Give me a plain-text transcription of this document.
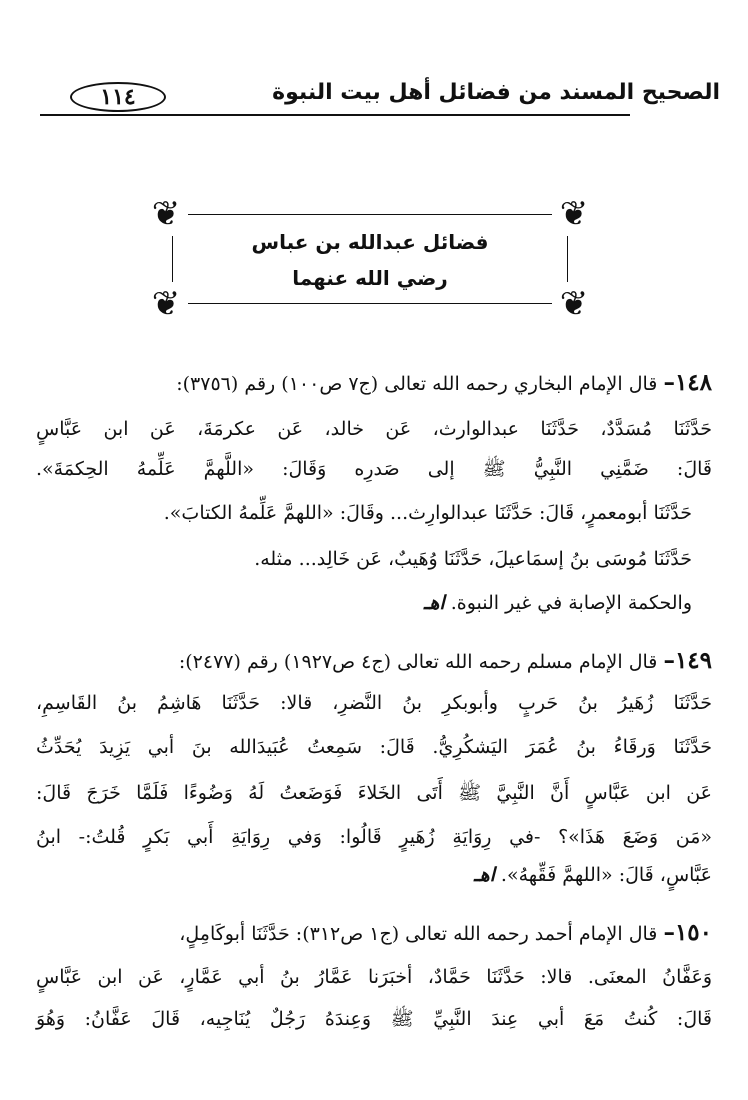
الصحيح المسند من فضائل أهل بيت النبوة
١١٤
❦	❦
❦	❦
فضائل عبدالله بن عباس
رضي الله عنهما
١٤٨– قال الإمام البخاري رحمه الله تعالى (ج٧ ص١٠٠) رقم (٣٧٥٦):
حَدَّثَنَا مُسَدَّدٌ، حَدَّثَنَا عبدالوارث، عَن خالد، عَن عكرمَةَ، عَن ابن عَبَّاسٍ
قَالَ: ضَمَّنِي النَّبِيُّ ﷺ إلى صَدرِه وَقَالَ: «اللَّهمَّ عَلِّمهُ الحِكمَةَ».
حَدَّثَنَا أبومعمرٍ، قَالَ: حَدَّثَنَا عبدالوارِث... وقَالَ: «اللهمَّ عَلِّمهُ الكتابَ».
حَدَّثَنَا مُوسَى بنُ إسمَاعيلَ، حَدَّثَنَا وُهَيبٌ، عَن خَالِد... مثله.
والحكمة الإصابة في غير النبوة. اهـ
١٤٩– قال الإمام مسلم رحمه الله تعالى (ج٤ ص١٩٢٧) رقم (٢٤٧٧):
حَدَّثَنَا زُهَيرُ بنُ حَربٍ وأبوبكرِ بنُ النَّضرِ، قالا: حَدَّثَنَا هَاشِمُ بنُ القَاسِمِ،
حَدَّثَنَا وَرقَاءُ بنُ عُمَرَ اليَشكُرِيُّ. قَالَ: سَمِعتُ عُبَيدَالله بنَ أبي يَزِيدَ يُحَدِّثُ
عَن ابن عَبَّاسٍ أَنَّ النَّبِيَّ ﷺ أَتَى الخَلاءَ فَوَضَعتُ لَهُ وَضُوءًا فَلَمَّا خَرَجَ قَالَ:
«مَن وَضَعَ هَذَا»؟ -في رِوَايَةِ زُهَيرٍ قَالُوا: وَفي رِوَايَةِ أَبي بَكرٍ قُلتُ:- ابنُ
عَبَّاسٍ، قَالَ: «اللهمَّ فَقِّههُ». اهـ
١٥٠– قال الإمام أحمد رحمه الله تعالى (ج١ ص٣١٢): حَدَّثَنَا أبوكَامِلٍ،
وَعَفَّانُ المعنَى. قالا: حَدَّثَنَا حَمَّادٌ، أخبَرَنا عَمَّارُ بنُ أبي عَمَّارٍ، عَن ابن عَبَّاسٍ
قَالَ: كُنتُ مَعَ أبي عِندَ النَّبِيِّ ﷺ وَعِندَهُ رَجُلٌ يُنَاجِيه، قَالَ عَفَّانُ: وَهُوَ
